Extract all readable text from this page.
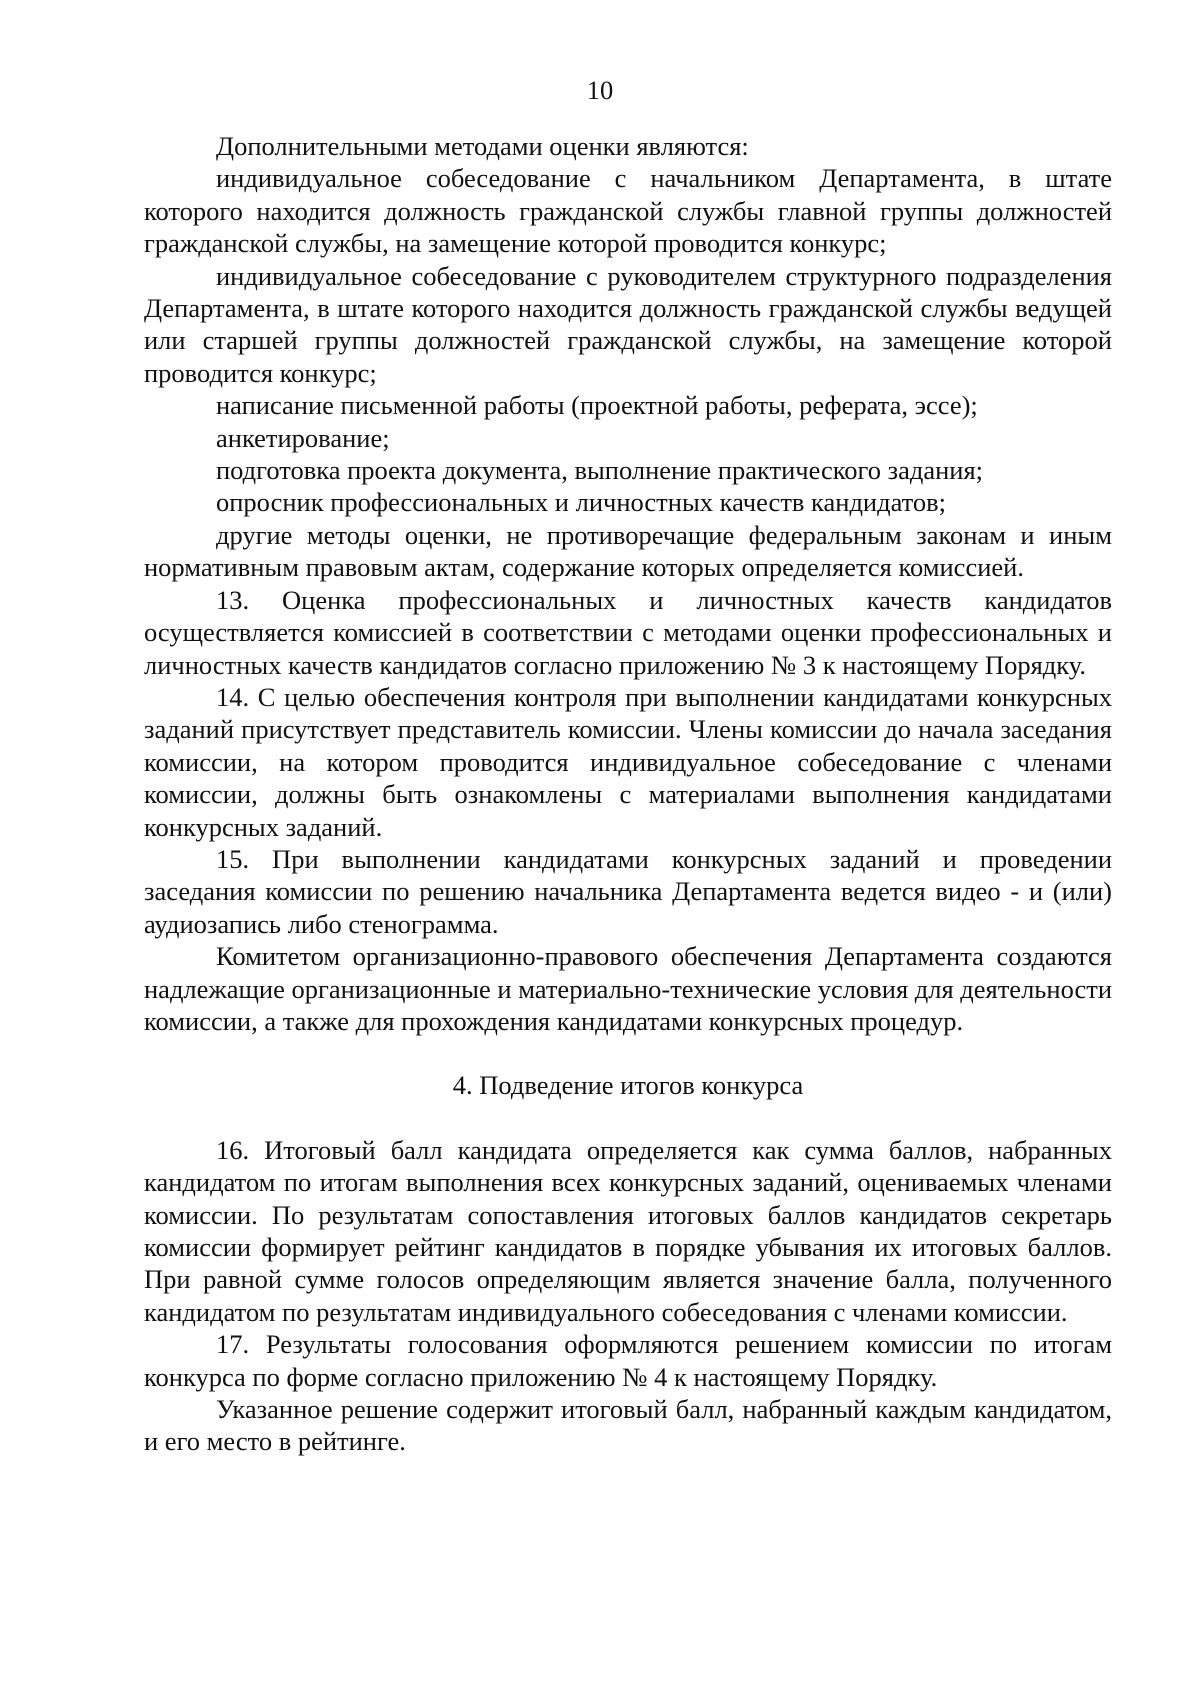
10

Дополнительными методами оценки являются:

индивидуальное собеседование с начальником Департамента, в штате которого находится должность гражданской службы главной группы должностей гражданской службы, на замещение которой проводится конкурс;

индивидуальное собеседование с руководителем структурного подразделения Департамента, в штате которого находится должность гражданской службы ведущей или старшей группы должностей гражданской службы, на замещение которой проводится конкурс;

написание письменной работы (проектной работы, реферата, эссе);

анкетирование;

подготовка проекта документа, выполнение практического задания;

опросник профессиональных и личностных качеств кандидатов;

другие методы оценки, не противоречащие федеральным законам и иным нормативным правовым актам, содержание которых определяется комиссией.

13. Оценка профессиональных и личностных качеств кандидатов осуществляется комиссией в соответствии с методами оценки профессиональных и личностных качеств кандидатов согласно приложению № 3 к настоящему Порядку.

14. С целью обеспечения контроля при выполнении кандидатами конкурсных заданий присутствует представитель комиссии. Члены комиссии до начала заседания комиссии, на котором проводится индивидуальное собеседование с членами комиссии, должны быть ознакомлены с материалами выполнения кандидатами конкурсных заданий.

15. При выполнении кандидатами конкурсных заданий и проведении заседания комиссии по решению начальника Департамента ведется видео - и (или) аудиозапись либо стенограмма.

Комитетом организационно-правового обеспечения Департамента создаются надлежащие организационные и материально-технические условия для деятельности комиссии, а также для прохождения кандидатами конкурсных процедур.

4. Подведение итогов конкурса

16. Итоговый балл кандидата определяется как сумма баллов, набранных кандидатом по итогам выполнения всех конкурсных заданий, оцениваемых членами комиссии. По результатам сопоставления итоговых баллов кандидатов секретарь комиссии формирует рейтинг кандидатов в порядке убывания их итоговых баллов. При равной сумме голосов определяющим является значение балла, полученного кандидатом по результатам индивидуального собеседования с членами комиссии.

17. Результаты голосования оформляются решением комиссии по итогам конкурса по форме согласно приложению № 4 к настоящему Порядку.

Указанное решение содержит итоговый балл, набранный каждым кандидатом, и его место в рейтинге.
